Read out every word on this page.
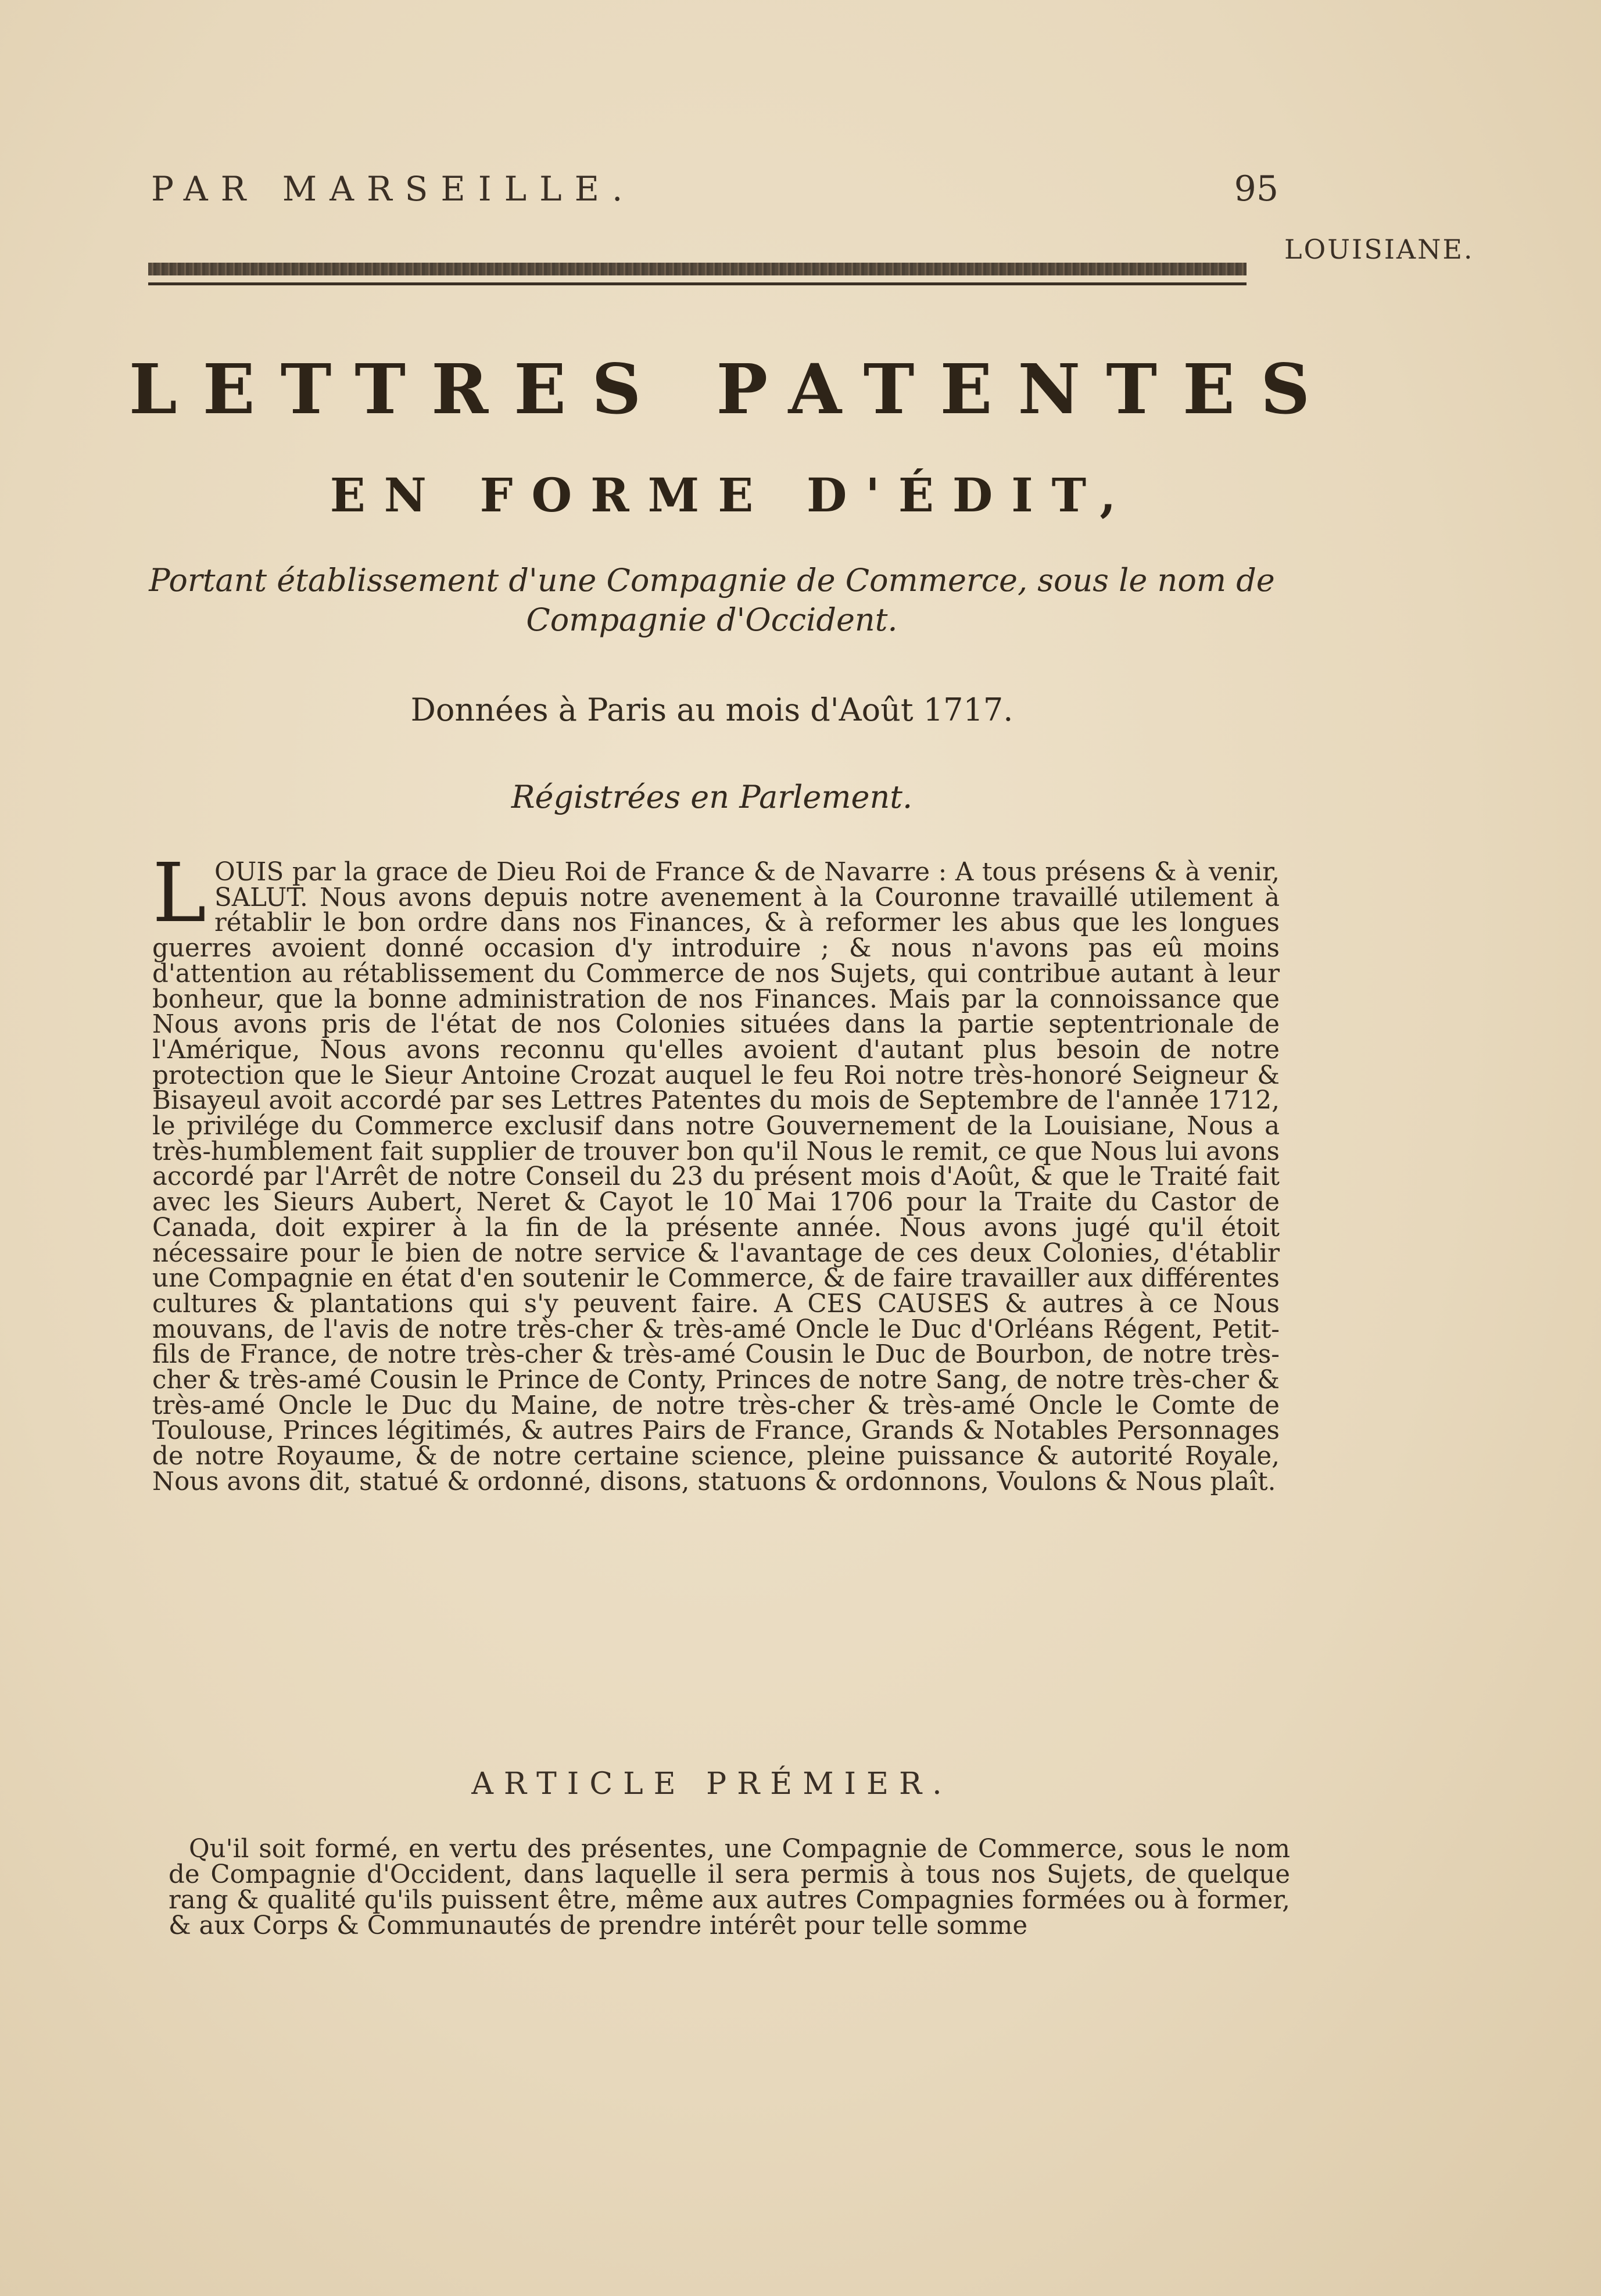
PAR MARSEILLE.	95
LOUISIANE.
LETTRES PATENTES
EN FORME D'ÉDIT,
Portant établissement d'une Compagnie de Commerce, sous le nom de Compagnie d'Occident.
Données à Paris au mois d'Août 1717.
Régistrées en Parlement.
L OUIS par la grace de Dieu Roi de France & de Navarre : A tous présens & à venir, SALUT. Nous avons depuis notre avenement à la Couronne travaillé utilement à rétablir le bon ordre dans nos Finances, & à reformer les abus que les longues guerres avoient donné occasion d'y introduire ; & nous n'avons pas eû moins d'attention au rétablissement du Commerce de nos Sujets, qui contribue autant à leur bonheur, que la bonne administration de nos Finances. Mais par la connoissance que Nous avons pris de l'état de nos Colonies situées dans la partie septentrionale de l'Amérique, Nous avons reconnu qu'elles avoient d'autant plus besoin de notre protection que le Sieur Antoine Crozat auquel le feu Roi notre très-honoré Seigneur & Bisayeul avoit accordé par ses Lettres Patentes du mois de Septembre de l'année 1712, le privilége du Commerce exclusif dans notre Gouvernement de la Louisiane, Nous a très-humblement fait supplier de trouver bon qu'il Nous le remit, ce que Nous lui avons accordé par l'Arrêt de notre Conseil du 23 du présent mois d'Août, & que le Traité fait avec les Sieurs Aubert, Neret & Cayot le 10 Mai 1706 pour la Traite du Castor de Canada, doit expirer à la fin de la présente année. Nous avons jugé qu'il étoit nécessaire pour le bien de notre service & l'avantage de ces deux Colonies, d'établir une Compagnie en état d'en soutenir le Commerce, & de faire travailler aux différentes cultures & plantations qui s'y peuvent faire. A CES CAUSES & autres à ce Nous mouvans, de l'avis de notre très-cher & très-amé Oncle le Duc d'Orléans Régent, Petit-fils de France, de notre très-cher & très-amé Cousin le Duc de Bourbon, de notre très-cher & très-amé Cousin le Prince de Conty, Princes de notre Sang, de notre très-cher & très-amé Oncle le Duc du Maine, de notre très-cher & très-amé Oncle le Comte de Toulouse, Princes légitimés, & autres Pairs de France, Grands & Notables Personnages de notre Royaume, & de notre certaine science, pleine puissance & autorité Royale, Nous avons dit, statué & ordonné, disons, statuons & ordonnons, Voulons & Nous plaît.
ARTICLE PRÉMIER.
Qu'il soit formé, en vertu des présentes, une Compagnie de Commerce, sous le nom de Compagnie d'Occident, dans laquelle il sera permis à tous nos Sujets, de quelque rang & qualité qu'ils puissent être, même aux autres Compagnies formées ou à former, & aux Corps & Communautés de prendre intérêt pour telle somme
